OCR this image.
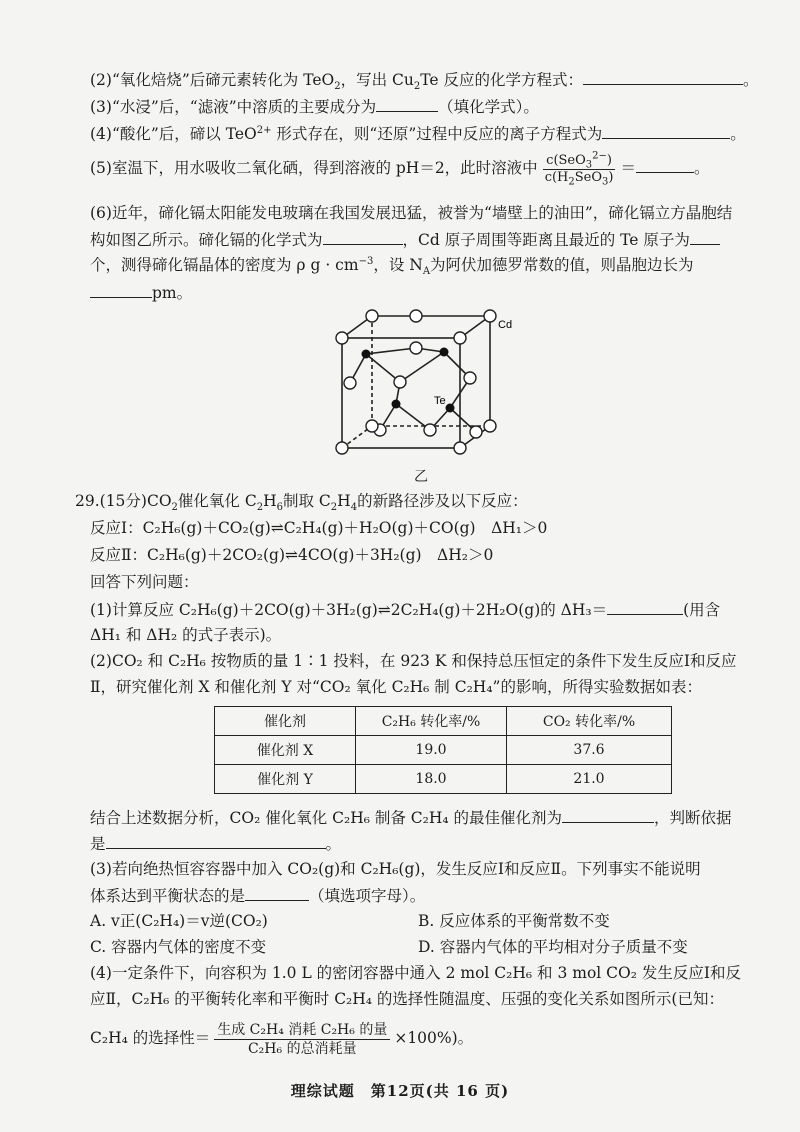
(2)“氧化焙烧”后碲元素转化为 TeO$_2$，写出 $Cu_2Te$ 反应的化学方程式：	。
(3)“水浸”后，“滤液”中溶质的主要成分为	（填化学式）。
(4)“酸化”后，碲以 TeO$^{2+}$ 形式存在，则“还原”过程中反应的离子方程式为	。
(5)室温下，用水吸收二氧化硒，得到溶液的 pH＝2，此时溶液中 $\frac{c(SeO_3^{2-})}{c(H_2SeO_3)}$ ＝	。
(6)近年，碲化镉太阳能发电玻璃在我国发展迅猛，被誉为“墙壁上的油田”，碲化镉立方晶胞结
构如图乙所示。碲化镉的化学式为	，Cd 原子周围等距离且最近的 Te 原子为
个，测得碲化镉晶体的密度为 ρ $g \cdot cm^{-3}$，设 $N_A$为阿伏加德罗常数的值，则晶胞边长为
pm。
Cd
Te
乙
29.(15分)$CO_2$催化氧化 $C_2H_6$制取 $C_2H_4$的新路径涉及以下反应：
反应Ⅰ：C₂H₆(g)＋CO₂(g)⇌C₂H₄(g)＋H₂O(g)＋CO(g)　ΔH₁＞0
反应Ⅱ：C₂H₆(g)＋2CO₂(g)⇌4CO(g)＋3H₂(g)　ΔH₂＞0
回答下列问题：
(1)计算反应 C₂H₆(g)＋2CO(g)＋3H₂(g)⇌2C₂H₄(g)＋2H₂O(g)的 ΔH₃＝	(用含
ΔH₁ 和 ΔH₂ 的式子表示)。
(2)CO₂ 和 C₂H₆ 按物质的量 1∶1 投料，在 923 K 和保持总压恒定的条件下发生反应Ⅰ和反应
Ⅱ，研究催化剂 X 和催化剂 Y 对“CO₂ 氧化 C₂H₆ 制 C₂H₄”的影响，所得实验数据如表：
催化剂	C₂H₆ 转化率/%	CO₂ 转化率/%
催化剂 X	19.0	37.6
催化剂 Y	18.0	21.0
结合上述数据分析，CO₂ 催化氧化 C₂H₆ 制备 C₂H₄ 的最佳催化剂为	，判断依据
是	。
(3)若向绝热恒容容器中加入 CO₂(g)和 C₂H₆(g)，发生反应Ⅰ和反应Ⅱ。下列事实不能说明
体系达到平衡状态的是	（填选项字母）。
A. v正(C₂H₄)＝v逆(CO₂)	B. 反应体系的平衡常数不变
C. 容器内气体的密度不变	D. 容器内气体的平均相对分子质量不变
(4)一定条件下，向容积为 1.0 L 的密闭容器中通入 2 mol C₂H₆ 和 3 mol CO₂ 发生反应Ⅰ和反
应Ⅱ，C₂H₆ 的平衡转化率和平衡时 C₂H₄ 的选择性随温度、压强的变化关系如图所示(已知：
C₂H₄ 的选择性＝ $\frac{\text{生成 C₂H₄ 消耗 C₂H₆ 的量}}{\text{C₂H₆ 的总消耗量}} \times 100\%$)。
理综试题　第12页(共 16 页)
